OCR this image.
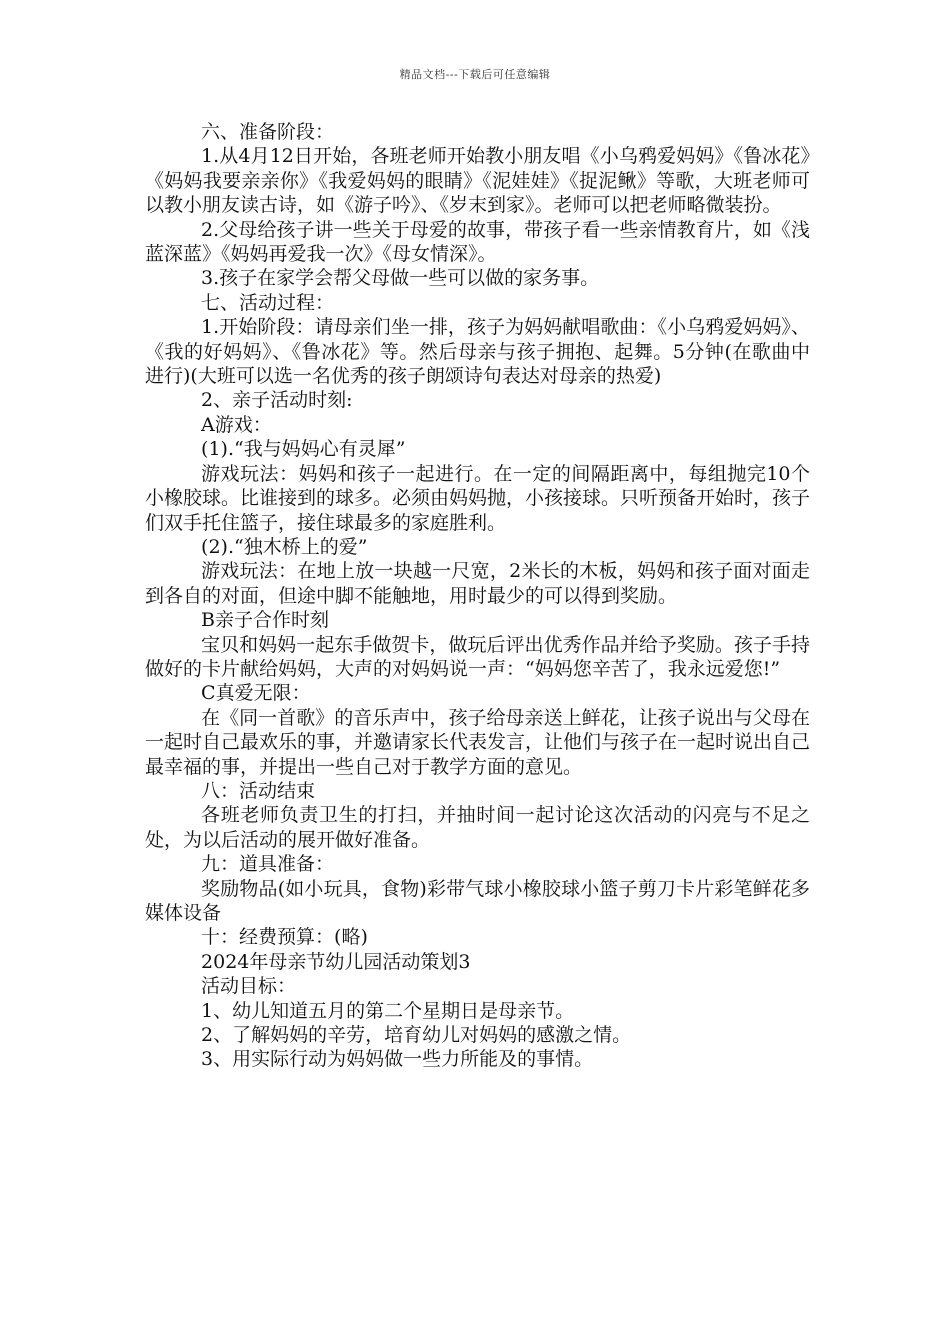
精品文档---下载后可任意编辑

六、准备阶段：

1.从4月12日开始，各班老师开始教小朋友唱《小乌鸦爱妈妈》《鲁冰花》《妈妈我要亲亲你》《我爱妈妈的眼睛》《泥娃娃》《捉泥鳅》等歌，大班老师可以教小朋友读古诗，如《游子吟》、《岁末到家》。老师可以把老师略微装扮。

2.父母给孩子讲一些关于母爱的故事，带孩子看一些亲情教育片，如《浅蓝深蓝》《妈妈再爱我一次》《母女情深》。

3.孩子在家学会帮父母做一些可以做的家务事。

七、活动过程：

1.开始阶段：请母亲们坐一排，孩子为妈妈献唱歌曲：《小乌鸦爱妈妈》、《我的好妈妈》、《鲁冰花》等。然后母亲与孩子拥抱、起舞。5分钟(在歌曲中进行)(大班可以选一名优秀的孩子朗颂诗句表达对母亲的热爱)

2、亲子活动时刻:

A游戏：

(1).“我与妈妈心有灵犀”

游戏玩法：妈妈和孩子一起进行。在一定的间隔距离中，每组抛完10个小橡胶球。比谁接到的球多。必须由妈妈抛，小孩接球。只听预备开始时，孩子们双手托住篮子，接住球最多的家庭胜利。

(2).“独木桥上的爱”

游戏玩法：在地上放一块越一尺宽，2米长的木板，妈妈和孩子面对面走到各自的对面，但途中脚不能触地，用时最少的可以得到奖励。

B亲子合作时刻

宝贝和妈妈一起东手做贺卡，做玩后评出优秀作品并给予奖励。孩子手持做好的卡片献给妈妈，大声的对妈妈说一声：“妈妈您辛苦了，我永远爱您!”

C真爱无限：

在《同一首歌》的音乐声中，孩子给母亲送上鲜花，让孩子说出与父母在一起时自己最欢乐的事，并邀请家长代表发言，让他们与孩子在一起时说出自己最幸福的事，并提出一些自己对于教学方面的意见。

八：活动结束

各班老师负责卫生的打扫，并抽时间一起讨论这次活动的闪亮与不足之处，为以后活动的展开做好准备。

九：道具准备：

奖励物品(如小玩具，食物)彩带气球小橡胶球小篮子剪刀卡片彩笔鲜花多媒体设备

十：经费预算：(略)

2024年母亲节幼儿园活动策划3

活动目标：

1、幼儿知道五月的第二个星期日是母亲节。

2、了解妈妈的辛劳，培育幼儿对妈妈的感激之情。

3、用实际行动为妈妈做一些力所能及的事情。
